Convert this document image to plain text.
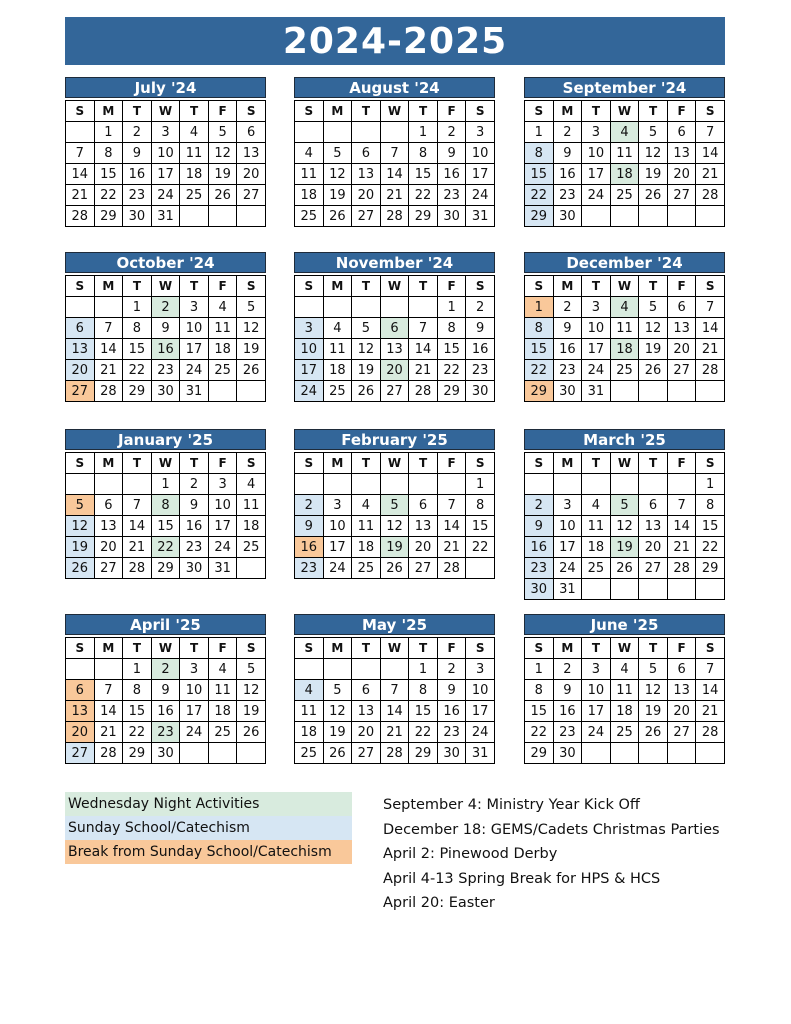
2024-2025
July '24
S	M	T	W	T	F	S
	1	2	3	4	5	6
7	8	9	10	11	12	13
14	15	16	17	18	19	20
21	22	23	24	25	26	27
28	29	30	31			
August '24
S	M	T	W	T	F	S
				1	2	3
4	5	6	7	8	9	10
11	12	13	14	15	16	17
18	19	20	21	22	23	24
25	26	27	28	29	30	31
September '24
S	M	T	W	T	F	S
1	2	3	4	5	6	7
8	9	10	11	12	13	14
15	16	17	18	19	20	21
22	23	24	25	26	27	28
29	30					
October '24
S	M	T	W	T	F	S
		1	2	3	4	5
6	7	8	9	10	11	12
13	14	15	16	17	18	19
20	21	22	23	24	25	26
27	28	29	30	31		
November '24
S	M	T	W	T	F	S
					1	2
3	4	5	6	7	8	9
10	11	12	13	14	15	16
17	18	19	20	21	22	23
24	25	26	27	28	29	30
December '24
S	M	T	W	T	F	S
1	2	3	4	5	6	7
8	9	10	11	12	13	14
15	16	17	18	19	20	21
22	23	24	25	26	27	28
29	30	31				
January '25
S	M	T	W	T	F	S
			1	2	3	4
5	6	7	8	9	10	11
12	13	14	15	16	17	18
19	20	21	22	23	24	25
26	27	28	29	30	31	
February '25
S	M	T	W	T	F	S
						1
2	3	4	5	6	7	8
9	10	11	12	13	14	15
16	17	18	19	20	21	22
23	24	25	26	27	28	
March '25
S	M	T	W	T	F	S
						1
2	3	4	5	6	7	8
9	10	11	12	13	14	15
16	17	18	19	20	21	22
23	24	25	26	27	28	29
30	31					
April '25
S	M	T	W	T	F	S
		1	2	3	4	5
6	7	8	9	10	11	12
13	14	15	16	17	18	19
20	21	22	23	24	25	26
27	28	29	30			
May '25
S	M	T	W	T	F	S
				1	2	3
4	5	6	7	8	9	10
11	12	13	14	15	16	17
18	19	20	21	22	23	24
25	26	27	28	29	30	31
June '25
S	M	T	W	T	F	S
1	2	3	4	5	6	7
8	9	10	11	12	13	14
15	16	17	18	19	20	21
22	23	24	25	26	27	28
29	30					
Wednesday Night Activities
Sunday School/Catechism
Break from Sunday School/Catechism
September 4: Ministry Year Kick Off
December 18: GEMS/Cadets Christmas Parties
April 2: Pinewood Derby
April 4-13 Spring Break for HPS & HCS
April 20: Easter
